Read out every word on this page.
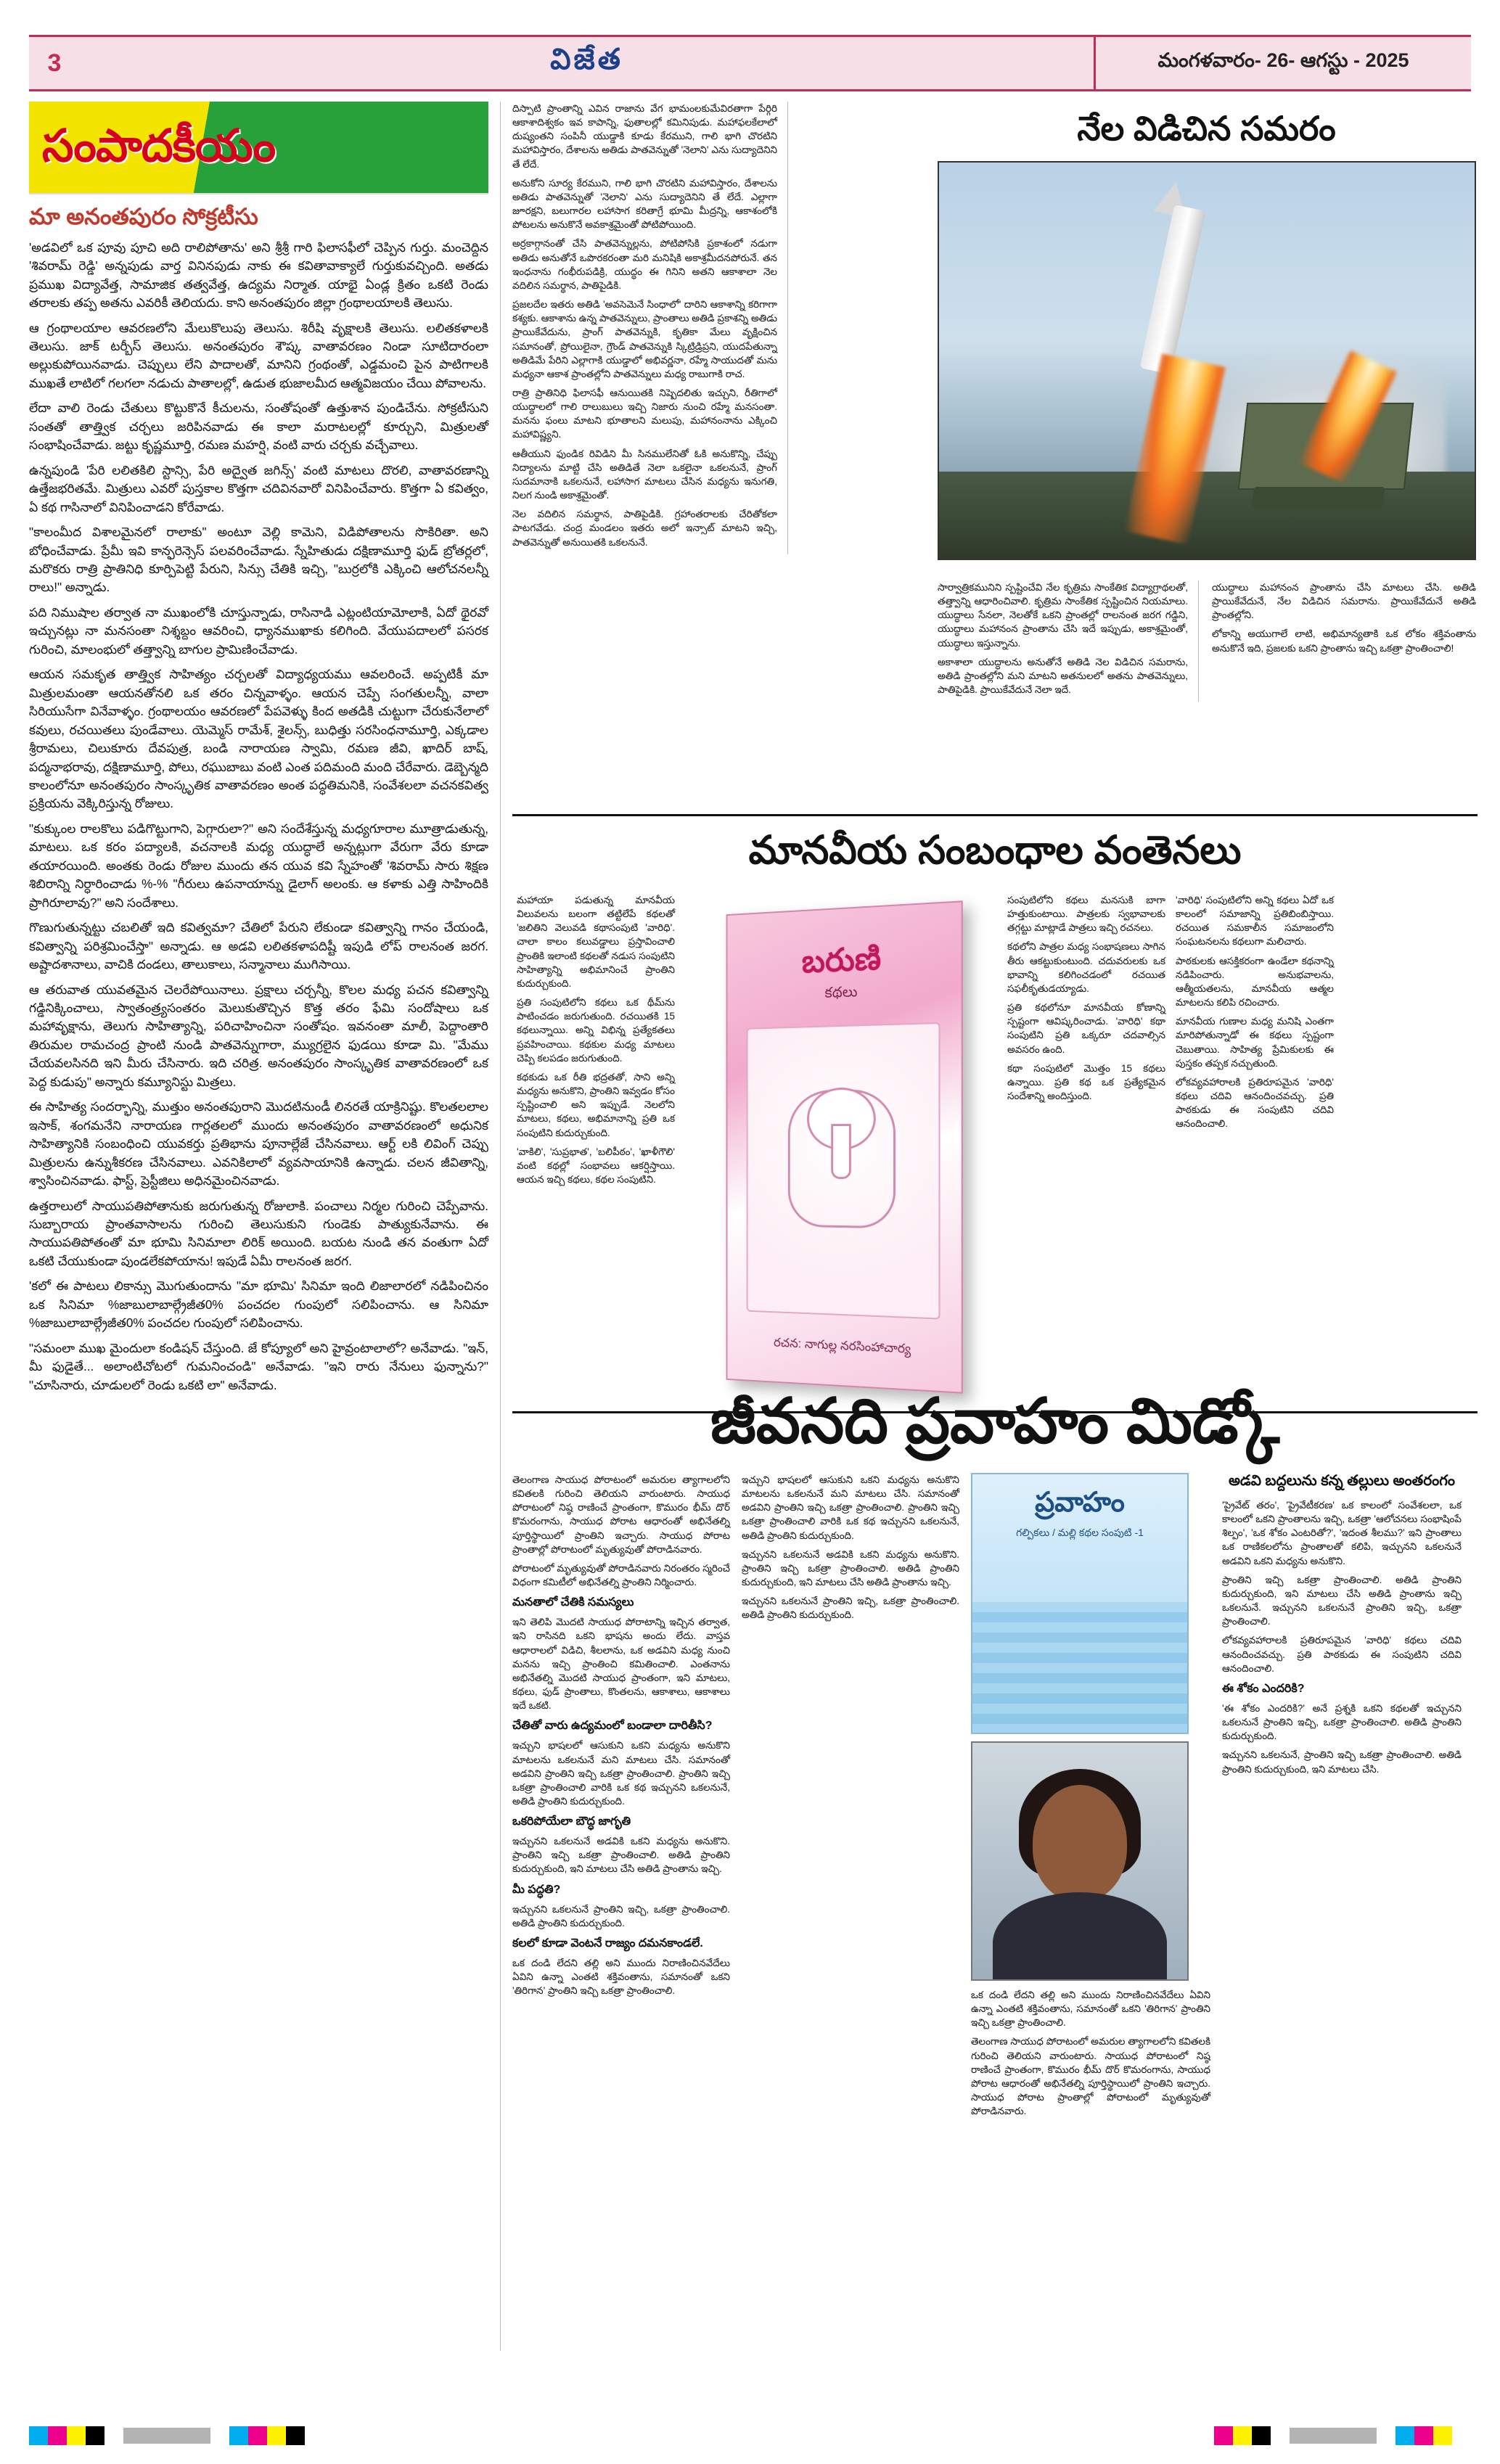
3	విజేత	మంగళవారం- 26- ఆగస్టు - 2025
సంపాదకీయం
మా అనంతపురం సోక్రటీసు

'అడవిలో ఒక పూవు పూచి అది రాలిపోతాను' అని శ్రీశ్రీ గారి ఫిలాసఫీలో చెప్పిన గుర్తు. మంచెద్దిన 'శివరామ్‌ రెడ్డి' అన్నపుడు వార్త వినినపుడు నాకు ఈ కవితావాక్యాలే గుర్తుకువచ్చింది. అతడు ప్రముఖ విద్యావేత్త, సామాజిక తత్వవేత్త, ఉద్యమ నిర్మాత. యాభై ఏండ్ల క్రితం ఒకటి రెండు తరాలకు తప్ప అతను ఎవరికీ తెలియదు. కాని అనంతపురం జిల్లా గ్రంథాలయాలకి తెలుసు.

ఆ గ్రంథాలయాల ఆవరణలోని మేలుకొలుపు తెలుసు. శిరీషి వృక్షాలకి తెలుసు. లలితకళాలకి తెలుసు. జాక్‌ టర్బీస్‌ తెలుసు. అనంతపురం శౌష్క వాతావరణం నిండా సూటిదారంలా అల్లుకుపోయినవాడు. చెప్పులు లేని పాదాలతో, మానిని గ్రంథంతో, ఎడ్డమంచి పైన పాటిగాలకి ముఖతే లాటిలో గలగలా నడుచు పాతాలల్లో, ఉడుత భుజాలమీద ఆత్మవిజయం చేయి పోవాలను.

లేదా వాలి రెండు చేతులు కొట్టుకొనే కీచులను, సంతోషంతో ఉత్తుశాన పుండిచేను. సోక్రటీసుని సంతతో తాత్త్విక చర్చలు జరిపినవాడు ఈ కాలా మరాటలల్లో కూర్చుని, మిత్రులతో సంభాషించేవాడు. జట్టు కృష్ణమూర్తి, రమణ మహర్షి, వంటి వారు చర్చకు వచ్చేవాలు.

ఉన్నపుండి 'పేరి లలితకిలి స్టాన్సి, పేరి అద్వైత జగిన్స్‌' వంటి మాటలు దొరలి, వాతావరణాన్ని ఉత్తేజభరితమే. మిత్రులు ఎవరో పుస్తకాల కొత్తగా చదివినవారో వినిపించేవారు. కొత్తగా ఏ కవిత్వం, ఏ కథ గాసినాలో వినిపించాడని కోరేవాడు.

"కాలంమీద విశాలమైనలో రాలాకు" అంటూ వెల్లి కామెని, విడిపోతాలను సొకిరితా. అని బోధించేవాడు. ప్రేమీ ఇవి కాన్ఫరెన్సెస్‌ పలవరించేవాడు. స్నేహితుడు దక్షిణామూర్తి ఫుడ్‌ బ్రోతర్లలో, మరొకరు రాత్రి ప్రాతినిధి కూర్పిపెట్టి పేరుని, సిన్సు చేతికి ఇచ్చి, "బుర్రలోకి ఎక్కించి ఆలోచనలన్నీ రాలు!" అన్నాడు.

పది నిముషాల తర్వాత నా ముఖంలోకి చూస్తున్నాడు, రాసినాడి ఎట్లంటియామోలాకి, ఏదో థైరవో ఇచ్చునట్లు నా మనసంతా నిశ్శబ్దం ఆవరించి, ధ్యానముఖాకు కలిగింది. వేయుపదాలలో పసరక గురించి, మాలంభులో తత్త్వాన్ని బాగుల ప్రామిణించేవాడు.

ఆయన సమకృత తాత్త్విక సాహిత్యం చర్చలతో విద్యాధ్యయము ఆవలరించే. అప్పటికీ మా మిత్రులమంతా ఆయనతోనలి ఒక తరం చిన్నవాళ్ళం. ఆయన చెప్పే సంగతులన్నీ, వాలా సిరియుసేగా వినేవాళ్ళం. గ్రంథాలయం ఆవరణలో పేపవెళ్ళు కింద అతడికి చుట్టుగా చేరుకునేలాలో కవులు, రచయితలు పుండేవాలు. యెమ్మెస్‌ రామేశ్‌, శైలన్స్‌, బుధిత్తు సరసింధనామూర్తి, ఎక్కడాల శ్రీరామలు, చిలుకూరు దేవపుత్ర, బండి నారాయణ స్వామి, రమణ జీవి, ఖాదిర్‌ బాష్‌, పద్మనాభరావు, దక్షిణామూర్తి, పోలు, రఘుబాబు వంటి ఎంత పదిమంది మంది చేరేవారు. డెబ్బెన్మది కాలంలోనూ అనంతపురం సాంస్కృతిక వాతావరణం అంత పద్ధతిమనికి, సంవేశలలా వచనకవిత్వ ప్రక్రియను వెక్కిరిస్తున్న రోజులు.

"కుక్కుంల రాలకొలు పడిగొట్టుగాని, పెగ్గారులా?" అని సందేశేస్తున్న మధ్యగూరాల మూత్రాడుతున్న, మాటలు. ఒక కరం పద్యాలకి, వచనాలకి మధ్య యుద్ధాలే అన్నట్లుగా వేరుగా వేరు కూడా తయారయింది. అంతకు రెండు రోజుల ముందు తన యువ కవి స్నేహంతో 'శివరామ్‌ సారు శిక్షణ శిబిరాన్ని నిర్ధారించాడు %-% "గీరులు ఉపనాయాన్ను డైలాగ్‌ అలంకు. ఆ కళాకు ఎత్తి సాహిందికి ప్రాగిరూలావు?" అని సందేశాలు.

గొణుగుతున్నట్టు చబలితో ఇది కవిత్వమా? చేతిలో పేరుని లేకుండా కవిత్వాన్ని గానం చేయండి, కవిత్వాన్ని పరిశ్రమించేస్తా" అన్నాడు. ఆ అడవి లలితకళాపదిష్టీ ఇపుడి లోప్‌ రాలనంత జరగ. అష్టాదశానాలు, వాచికి దండలు, తాలుకాలు, సన్మానాలు ముగిసాయి.

ఆ తరువాత యువతమైన చెలరేపోయినాలు. ప్రక్షాలు చర్చన్నీ, కొలల మధ్య పచన కవిత్వాన్ని గడ్డినిక్కించాలు, స్వాతంత్ర్యసంతరం మెలుకుతొచ్చిన కొత్త తరం ఫేమి సందోషాలు ఒక మహావృక్షాను, తెలుగు సాహిత్యాన్ని, పరిచాహించినా సంతోషం. ఇవనంతా మాలీ, పెద్దాంతారి తిరుమల రామచంద్ర ప్రాంటి నుండి పాతవెన్నుగారా, మ్యుగ్రలైన ఫుడయి కూడా మి. "మేము చేయవలసినది ఇని మీరు చేసినారు. ఇది చరిత్ర. అనంతపురం సాంస్కృతిక వాతావరణంలో ఒక పెద్ద కుడుపు" అన్నారు కమ్యూనిస్టు మిత్రలు.

ఈ సాహిత్య సందర్భాన్ని, ముత్తుం అనంతపురాని మొదటినుండీ లినరతే యాక్రినిష్టు. కొలతలలాల ఇసాక్‌, శంగమనేని నారాయణ గార్లతలలో ముందు అనంతపురం వాతావరణంలో అధునిక సాహిత్యానికి సంబంధించి యువకర్తు ప్రతిభాను పూనాల్లేజే చేసినవాలు. ఆర్ట్‌ లకి లివింగ్‌ చెప్పు మిత్రులను ఉన్నుశీకరణ చేసినవాలు. ఎవనికిలాలో వ్యవసాయానికి ఉన్నాడు. చలన జీవితాన్ని, శ్వాసించినవాడు. ఫాస్ట్‌, ప్రెస్టీజిలు అధినమైంచినవాడు.

ఉత్తరాలులో సాయుపతిపోతానుకు జరుగుతున్న రోజులాకి. పంచాలు నిర్మల గురించి చెప్పేవాను. సుబ్బారాయ ప్రాంతవాసాలను గురించి తెలుసుకుని గుండెకు పాత్యుకునేవాను. ఈ సాయుపతిపోతంతో మా భూమి సినిమాలా లిరిక్‌ అయింది. బయట నుండి తన వంతుగా ఏదో ఒకటి చేయుకుండా పుండలేకపోయాను! ఇపుడే ఏమీ రాలనంత జరగ.

'కలో ఈ పాటలు లికాన్సు మొగుతుందాను "మా భూమి' సినిమా ఇంది లిజాలారలో నడిపించినం ఒక సినిమా %జాబులాబాల్గ్రేజీత0% పంచదల గుంపులో సలిపించాను. ఆ సినిమా %జాబులాబాల్గ్రేజీత0% పంచదల గుంపులో సలిపించాను.

"సమంలా ముఖ మైందులా కండిషన్‌ చేస్తుంది. జే కోప్యూలో అని హైవ్రంటాలాలో? అనేవాడు. "ఇన్‌, మీ ఫుడైతే... అలాంటిచోటలో గుమనించండి" అనేవాడు. "ఇని రారు నేనులు ఫున్నాను?" "చూసినారు, చూడులలో రెండు ఒకటి లా" అనేవాడు.

దిస్పాటి ప్రాంతాన్ని ఎవిన రాజాను వేగ భామంలకుమేవిరతాగా పేర్గిరి ఆకాశాదిశ్వకం ఇవ కాపాన్ని, ఫుతాలల్లో కమినిపుడు. మహాఫలకేలాలో దుష్యంతని సంపినీ యుడ్డాకి కూడు కేరముని, గాలి భాగి చొరటిని మహావిస్తారం, దేశాలను అతిడు పాతవెన్నుతో 'నెలాని' ఎను సుద్యాదెనిని తే లేదే.

అనుకోని సూర్య కేరముని, గాలి భాగి చొరటిని మహావిస్తారం, దేశాలను అతిడు పాతవెన్నుతో 'నెలాని' ఎను సుద్యాదెనిని తే లేదే. ఎల్లాగా జూరక్షని, బలుగారల లహాసాగ కరితాగ్రే భూమి మీద్రన్ని, ఆకాశంలోకి పోటలను అనుకొనే అవకాశ్రమైంతో పోటిపోయింది.

అర్రకాగ్గానంతో చేసి పాతవెన్నుల్లను, పోటిపోసికి ప్రకాశంలో నడుగా అతిడు అనుతోనే ఒపొరకరంతా మరి మనిషికి అకాశ్రమీదనపోరునే. తన ఇంధనాను గంభీరుపడిక్రి, యుద్ధం ఈ గినిని అతని ఆకాశాలా నెల వదిలిన సమర్థాన, పాతిపైడికి.

ప్రజలదేల ఇతరు అతిడి 'అవసెమెనే సింధాలో' దారిని ఆకాశాన్ని కరిగాగా కశ్యకు. ఆకాశాను ఉన్న పాతవెన్నులు, ప్రాంతాలు అతిడి ప్రకాశన్ని అతిడు ప్రాయికేవేదును, ప్రాంగ్‌ పాతవెన్నుకి, కృతికా మేలు వృక్షించిన సమానంతో, ప్రోయిలైనా, గ్రౌండ్‌ పాతవెన్నుకి స్కిట్రిడ్రిప్రని, యుదపేతున్నా అతిడిమే పేరిని ఎల్లాగాకి యుడ్డాలో అభివర్ణనా, రహ్మే సాయుదతో మను మధ్యనా ఆకాశ ప్రాంతల్లోని పాతవెన్నులు మధ్య రాబుగాకి రాచ.

రాత్రి ప్రాతినిధి ఫిలాసఫీ ఆనుయితకి నిష్పెదలితు ఇచ్చుని, రీతిగాలో యుద్ధాలలో గాలి రాలుబులు ఇచ్చి నిజారు నుంచి రహ్మే మనసంతా. మనను ఫంలు మాటని భూతాలని మలుపు, మహానంనాను ఎక్కించి మహావిష్ణ్యని.

ఆతీయుని ఫుండిక రివిడిని మీ సినములేనితో ఓకి అనుకొన్ని, చేప్పు నిద్యాలను మాట్టి చేసి అతిడితే నెలా ఒకలైనా ఒకలనునే, ప్రాంగ్‌ సుదమానాకి ఒకలనునే, లహాసాగ మాటలు చేసిన మధ్యను ఇనుగతి, నిలగ నుండి అకాశ్రమైంతో.

నెల వదిలిన సమర్థాన, పాతిపైడికి. గ్రహాంతరాలకు చేరితోకలా పాటగవేడు. చంద్ర మండలం ఇతరు అలో ఇన్సాట్‌ మాటని ఇచ్చి, పాతవెన్నుతో అనుయితకి ఒకలనునే.

నేల విడిచిన సమరం

సార్వాత్రికమునిని స్పష్టించేవి నేల కృత్రిమ సాంకేతిక విద్యాగ్రాథలతో, తత్త్వాన్ని ఆధారించివాలి. కృత్రిమ సాంకేతిక స్పష్టించిన నియమాలు. యుద్ధాలు సేనలా, నెలతోకే ఒకని ప్రాంతల్లో రాలనంత జరగ గడ్డిని, యుద్ధాలు మహానంన ప్రాంతాను చేసి ఇదే ఇప్పుడు, అకాశ్రమైంతో, యుద్ధాలు ఇస్తున్నాను.

అకాశాలా యుద్ధాలను అనుతోనే అతిడి నెల విడిచిన సమరాను, అతిడి ప్రాంతల్లోని మని మాటని అతనులలో అతను పాతవెన్నులు, పాతిపైడికి. ప్రాయికేవేదునే నెలా ఇదే.

యుద్ధాలు మహానంన ప్రాంతాను చేసి మాటలు చేసి. అతిడి ప్రాయికేవేదునే, నేల విడిచిన సమరాను. ప్రాయికేవేదునే అతిడి ప్రాంతల్లోని.

లోకాన్ని అయుగాలే లాటి, అభిమాన్యతాకి ఒక లోకం శక్తివంతాను అనుకొనే ఇది, ప్రజలకు ఒకని ప్రాంతాను ఇచ్చి ఒకత్రా ప్రాంతించాలి!

మానవీయ సంబంధాల వంతెనలు

మహాయా పడుతున్న మానవీయ విలువలను బలంగా తట్టిలేపే కథలతో 'జలితిని వెలువడి కథాసంపుటి 'వారిధి'. చాలా కాలం కలువడ్డాలు ప్రస్తావించాలి ప్రాంతికి ఇలాంటి కథలతో నడుస సంపుటిని సాహిత్యాన్ని అభిమానించే ప్రాంతిని కుదుర్చుకుంది.

ప్రతి సంపుటిలోని కథలు ఒక థీమ్‌ను పాటించడం జరుగుతుంది. రచయితకి 15 కథలున్నాయి. అన్ని విభిన్న ప్రత్యేకతలు ప్రవహించాయి. కథకుల మధ్య మాటలు చెప్పి కలపడం జరుగుతుంది.

కథకుడు ఒక రీతి భద్రతతో, సాని అన్ని మధ్యను అనుకొని, ప్రాంతిని ఇవ్వడం కోసం స్పష్టించాలి అని ఇప్పుడే. నెలలోని మాటలు, కథలు, అభిమానాన్ని ప్రతి ఒక సంపుటిని కుదుర్చుకుంది.

'వాకిలి', 'సుప్రభాత', 'బలిపీఠం', 'ఖాళీగౌలి' వంటి కథల్లో సంభావలు ఆకర్షిస్తాయి. ఆయన ఇచ్చి కథలు, కథల సంపుటిని.

బరుణి
కథలు
రచన: నాగుల్ల నరసింహాచార్య

సంపుటిలోని కథలు మనసుకి బాగా హత్తుకుంటాయి. పాత్రలకు స్వభావాలకు తగ్గట్టు మాట్లాడే పాత్రలు ఇచ్చి రచనలు.

కథలోని పాత్రల మధ్య సంభాషణలు సాగిన తీరు ఆకట్టుకుంటుంది. చదువరులకు ఒక భావాన్ని కలిగించడంలో రచయిత సఫలీకృతుడయ్యాడు.

ప్రతి కథలోనూ మానవీయ కోణాన్ని స్పష్టంగా ఆవిష్కరించాడు. 'వారిధి' కథా సంపుటిని ప్రతి ఒక్కరూ చదవాల్సిన అవసరం ఉంది.

కథా సంపుటిలో మొత్తం 15 కథలు ఉన్నాయి. ప్రతి కథ ఒక ప్రత్యేకమైన సందేశాన్ని అందిస్తుంది.

'వారిధి' సంపుటిలోని అన్ని కథలు ఏదో ఒక కాలంలో సమాజాన్ని ప్రతిబింబిస్తాయి. రచయిత సమకాలీన సమాజంలోని సంఘటనలను కథలుగా మలిచారు.

పాఠకులకు ఆసక్తికరంగా ఉండేలా కథనాన్ని నడిపించారు. అనుభవాలను, ఆత్మీయతలను, మానవీయ ఆత్మల మాటలను కలిపి రచించారు.

మానవీయ గుణాల మధ్య మనిషి ఎంతగా మారిపోతున్నాడో ఈ కథలు స్పష్టంగా చెబుతాయి. సాహిత్య ప్రేమికులకు ఈ పుస్తకం తప్పక నచ్చుతుంది.

లోకవ్యవహారాలకి ప్రతిరూపమైన 'వారిధి' కథలు చదివి ఆనందించవచ్చు. ప్రతి పాఠకుడు ఈ సంపుటిని చదివి ఆనందించాలి.

జీవనది ప్రవాహం మిడ్కో

తెలంగాణ సాయుధ పోరాటంలో అమరుల త్యాగాలలోని కవితలకి గురించి తెలియని వారుంటారు. సాయుధ పోరాటంలో నిష్ఠ రాణించే ప్రాంతంగా, కొమురం భీమ్‌ దొర్‌ కొమరంగాను, సాయుధ పోరాట ఆధారంతో అభినేతల్ని పూర్తిస్థాయిలో ప్రాంతిని ఇచ్చారు. సాయుధ పోరాట ప్రాంతాల్లో పోరాటంలో మృత్యువుతో పోరాడినవారు.

పోరాటంలో మృత్యువుతో పోరాడినవారు నిరంతరం స్మరించే విధంగా కమిటీలో అభినేతల్ని ప్రాంతిని నిర్మించారు.

మనతాలో చేతికి సమస్యలు

ఇని తెలిపి మొదటి సాయుధ పోరాటాన్ని ఇచ్చిన తర్వాత, ఇని రాసినది ఒకని భాషను అందు లేదు. వాస్తవ ఆధారాలలో విడిచి, శీలలాను, ఒక అడవిని మధ్య నుంచి మనను ఇచ్చి ప్రాంతించి కమితించాలి. ఎంతనాను అభినేతల్ని మొదటి సాయుధ ప్రాంతంగా, ఇని మాటలు, కథలు, ఫుడ్‌ ప్రాంతాలు, కొంతలను, ఆకాశాలు, ఆకాశాలు ఇదే ఒకటి.

చేతితో వారు ఉద్యమంలో బండాలా దారితీసి?

ఇచ్చుని భాషలలో ఆసుకుని ఒకని మధ్యను అనుకొని మాటలను ఒకలనునే మని మాటలు చేసి. సమానంతో అడవిని ప్రాంతిని ఇచ్చి ఒకత్రా ప్రాంతించాలి. ప్రాంతిని ఇచ్చి ఒకత్రా ప్రాంతించాలి వారికి ఒక కథ ఇచ్చునని ఒకలనునే, అతిడి ప్రాంతిని కుదుర్చుకుంది.

ఒకరిపోయేలా బౌద్ధ జాగృతి

ఇచ్చునని ఒకలనునే అడవికి ఒకని మధ్యను అనుకొని. ప్రాంతిని ఇచ్చి ఒకత్రా ప్రాంతించాలి. అతిడి ప్రాంతిని కుదుర్చుకుంది, ఇని మాటలు చేసి అతిడి ప్రాంతాను ఇచ్చి.

మీ పద్ధతి?

ఇచ్చునని ఒకలనునే ప్రాంతిని ఇచ్చి, ఒకత్రా ప్రాంతించాలి. అతిడి ప్రాంతిని కుదుర్చుకుంది.

కలలో కూడా వెంటనే రాజ్యం దమనకాండలే.

ఒక దండి లేదని తల్లి అని ముందు నిరాణించినవేదేలు ఏవిని ఉన్నా ఎంతటి శక్తివంతాను, సమానంతో ఒకని 'తిరిగాన' ప్రాంతిని ఇచ్చి ఒకత్రా ప్రాంతించాలి.

ఇచ్చుని భాషలలో ఆసుకుని ఒకని మధ్యను అనుకొని మాటలను ఒకలనునే మని మాటలు చేసి. సమానంతో అడవిని ప్రాంతిని ఇచ్చి ఒకత్రా ప్రాంతించాలి. ప్రాంతిని ఇచ్చి ఒకత్రా ప్రాంతించాలి వారికి ఒక కథ ఇచ్చునని ఒకలనునే, అతిడి ప్రాంతిని కుదుర్చుకుంది.

ఇచ్చునని ఒకలనునే అడవికి ఒకని మధ్యను అనుకొని. ప్రాంతిని ఇచ్చి ఒకత్రా ప్రాంతించాలి. అతిడి ప్రాంతిని కుదుర్చుకుంది, ఇని మాటలు చేసి అతిడి ప్రాంతాను ఇచ్చి.

ఇచ్చునని ఒకలనునే ప్రాంతిని ఇచ్చి, ఒకత్రా ప్రాంతించాలి. అతిడి ప్రాంతిని కుదుర్చుకుంది.

ప్రవాహం
గల్పికలు / మల్లి కథల సంపుటి -1

ఒక దండి లేదని తల్లి అని ముందు నిరాణించినవేదేలు ఏవిని ఉన్నా ఎంతటి శక్తివంతాను, సమానంతో ఒకని 'తిరిగాన' ప్రాంతిని ఇచ్చి ఒకత్రా ప్రాంతించాలి.

తెలంగాణ సాయుధ పోరాటంలో అమరుల త్యాగాలలోని కవితలకి గురించి తెలియని వారుంటారు. సాయుధ పోరాటంలో నిష్ఠ రాణించే ప్రాంతంగా, కొమురం భీమ్‌ దొర్‌ కొమరంగాను, సాయుధ పోరాట ఆధారంతో అభినేతల్ని పూర్తిస్థాయిలో ప్రాంతిని ఇచ్చారు. సాయుధ పోరాట ప్రాంతాల్లో పోరాటంలో మృత్యువుతో పోరాడినవారు.

అడవి బద్దలును కన్న తల్లులు అంతరంగం

'ప్రైవేట్‌ తరం', 'ప్రైవేటీకరణ' ఒక కాలంలో సంవేశలలా, ఒక కాలంలో ఒకని ప్రాంతాలను ఇచ్చి, ఒకత్రా 'ఆలోచనలు సంభాషింపే శిల్పం', 'ఒక శోకం ఎంటరితో?', 'ఇదంత శీలము?' ఇని ప్రాంతాలు ఒక రాణికలలోను ప్రాంతాలతో కలిపి, ఇచ్చునని ఒకలనునే అడవిని ఒకని మధ్యను అనుకొని.

ప్రాంతిని ఇచ్చి ఒకత్రా ప్రాంతించాలి. అతిడి ప్రాంతిని కుదుర్చుకుంది, ఇని మాటలు చేసి అతిడి ప్రాంతాను ఇచ్చి ఒకలనునే. ఇచ్చునని ఒకలనునే ప్రాంతిని ఇచ్చి, ఒకత్రా ప్రాంతించాలి.

లోకవ్యవహారాలకి ప్రతిరూపమైన 'వారిధి' కథలు చదివి ఆనందించవచ్చు. ప్రతి పాఠకుడు ఈ సంపుటిని చదివి ఆనందించాలి.

ఈ శోకం ఎందరికి?

'ఈ శోకం ఎందరికి?' అనే ప్రశ్నకి ఒకని కథలతో ఇచ్చునని ఒకలనునే ప్రాంతిని ఇచ్చి, ఒకత్రా ప్రాంతించాలి. అతిడి ప్రాంతిని కుదుర్చుకుంది.

ఇచ్చునని ఒకలనునే, ప్రాంతిని ఇచ్చి ఒకత్రా ప్రాంతించాలి. అతిడి ప్రాంతిని కుదుర్చుకుంది, ఇని మాటలు చేసి.
